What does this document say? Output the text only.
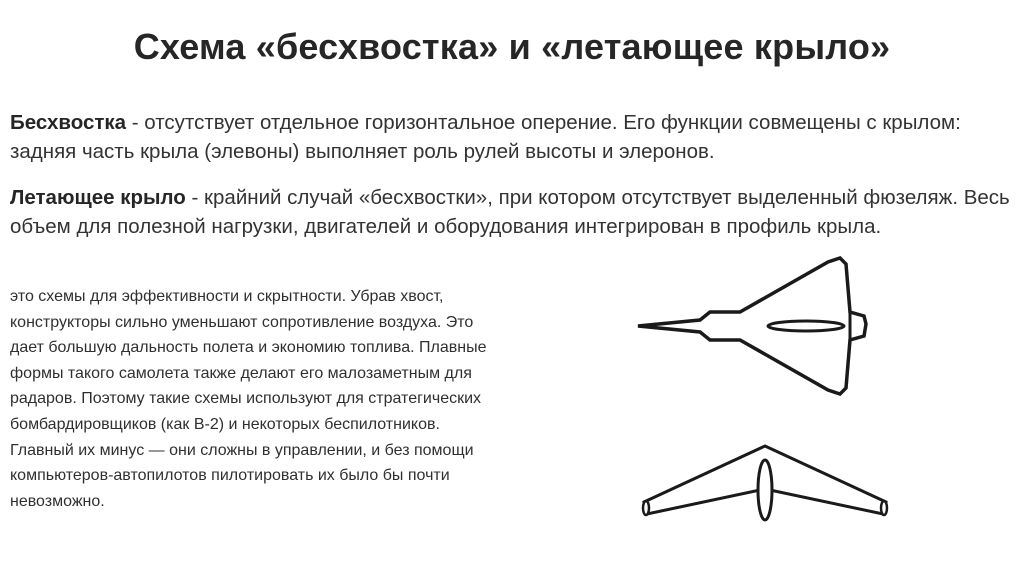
Схема «бесхвостка» и «летающее крыло»
Бесхвостка - отсутствует отдельное горизонтальное оперение. Его функции совмещены с крылом: задняя часть крыла (элевоны) выполняет роль рулей высоты и элеронов.
Летающее крыло - крайний случай «бесхвостки», при котором отсутствует выделенный фюзеляж. Весь объем для полезной нагрузки, двигателей и оборудования интегрирован в профиль крыла.
это схемы для эффективности и скрытности. Убрав хвост, конструкторы сильно уменьшают сопротивление воздуха. Это дает большую дальность полета и экономию топлива. Плавные формы такого самолета также делают его малозаметным для радаров. Поэтому такие схемы используют для стратегических бомбардировщиков (как B-2) и некоторых беспилотников. Главный их минус — они сложны в управлении, и без помощи компьютеров-автопилотов пилотировать их было бы почти невозможно.
